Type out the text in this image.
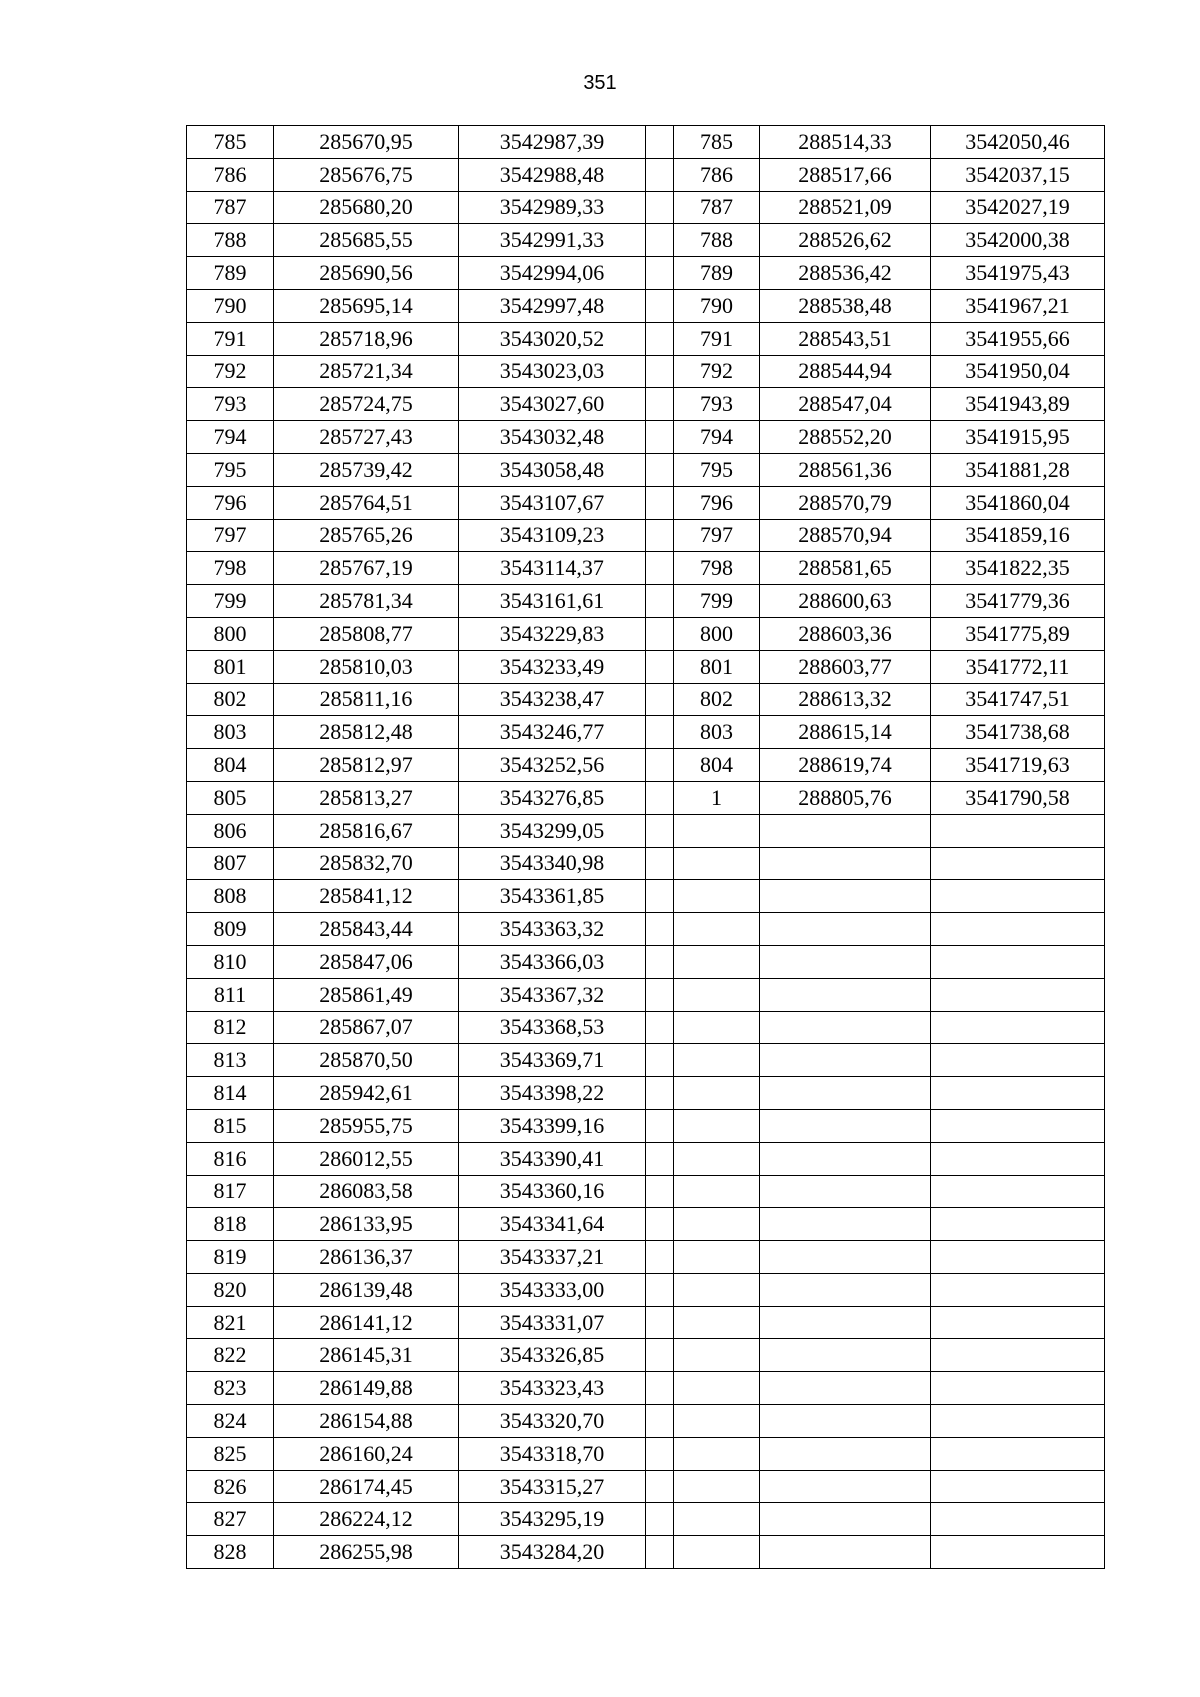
351
785	285670,95	3542987,39		785	288514,33	3542050,46
786	285676,75	3542988,48		786	288517,66	3542037,15
787	285680,20	3542989,33		787	288521,09	3542027,19
788	285685,55	3542991,33		788	288526,62	3542000,38
789	285690,56	3542994,06		789	288536,42	3541975,43
790	285695,14	3542997,48		790	288538,48	3541967,21
791	285718,96	3543020,52		791	288543,51	3541955,66
792	285721,34	3543023,03		792	288544,94	3541950,04
793	285724,75	3543027,60		793	288547,04	3541943,89
794	285727,43	3543032,48		794	288552,20	3541915,95
795	285739,42	3543058,48		795	288561,36	3541881,28
796	285764,51	3543107,67		796	288570,79	3541860,04
797	285765,26	3543109,23		797	288570,94	3541859,16
798	285767,19	3543114,37		798	288581,65	3541822,35
799	285781,34	3543161,61		799	288600,63	3541779,36
800	285808,77	3543229,83		800	288603,36	3541775,89
801	285810,03	3543233,49		801	288603,77	3541772,11
802	285811,16	3543238,47		802	288613,32	3541747,51
803	285812,48	3543246,77		803	288615,14	3541738,68
804	285812,97	3543252,56		804	288619,74	3541719,63
805	285813,27	3543276,85		1	288805,76	3541790,58
806	285816,67	3543299,05				
807	285832,70	3543340,98				
808	285841,12	3543361,85				
809	285843,44	3543363,32				
810	285847,06	3543366,03				
811	285861,49	3543367,32				
812	285867,07	3543368,53				
813	285870,50	3543369,71				
814	285942,61	3543398,22				
815	285955,75	3543399,16				
816	286012,55	3543390,41				
817	286083,58	3543360,16				
818	286133,95	3543341,64				
819	286136,37	3543337,21				
820	286139,48	3543333,00				
821	286141,12	3543331,07				
822	286145,31	3543326,85				
823	286149,88	3543323,43				
824	286154,88	3543320,70				
825	286160,24	3543318,70				
826	286174,45	3543315,27				
827	286224,12	3543295,19				
828	286255,98	3543284,20				
